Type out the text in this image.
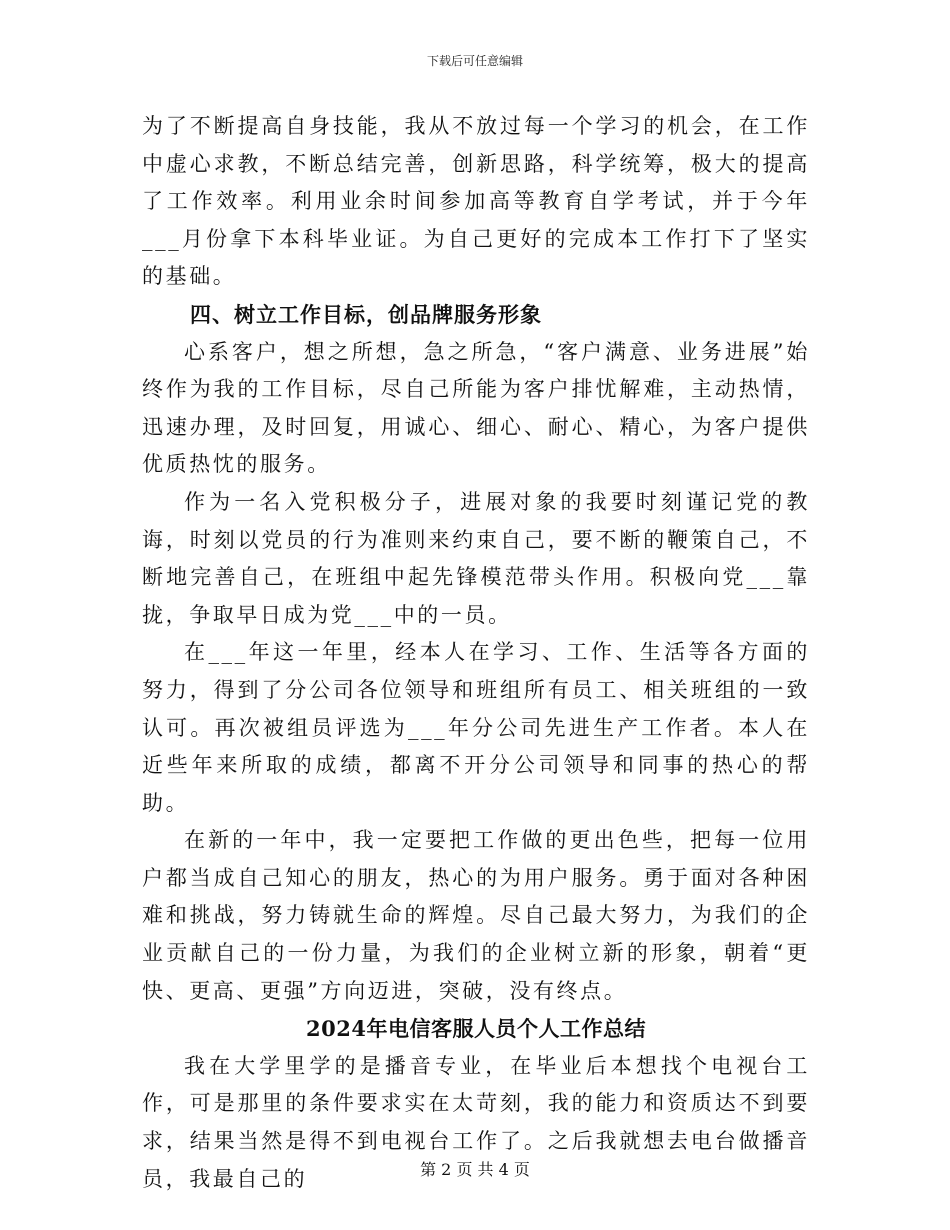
下载后可任意编辑

为了不断提高自身技能，我从不放过每一个学习的机会，在工作中虚心求教，不断总结完善，创新思路，科学统筹，极大的提高了工作效率。利用业余时间参加高等教育自学考试，并于今年___月份拿下本科毕业证。为自己更好的完成本工作打下了坚实的基础。

四、树立工作目标，创品牌服务形象

心系客户，想之所想，急之所急，“客户满意、业务进展”始终作为我的工作目标，尽自己所能为客户排忧解难，主动热情，迅速办理，及时回复，用诚心、细心、耐心、精心，为客户提供优质热忱的服务。

作为一名入党积极分子，进展对象的我要时刻谨记党的教诲，时刻以党员的行为准则来约束自己，要不断的鞭策自己，不断地完善自己，在班组中起先锋模范带头作用。积极向党___靠拢，争取早日成为党___中的一员。

在___年这一年里，经本人在学习、工作、生活等各方面的努力，得到了分公司各位领导和班组所有员工、相关班组的一致认可。再次被组员评选为___年分公司先进生产工作者。本人在近些年来所取的成绩，都离不开分公司领导和同事的热心的帮助。

在新的一年中，我一定要把工作做的更出色些，把每一位用户都当成自己知心的朋友，热心的为用户服务。勇于面对各种困难和挑战，努力铸就生命的辉煌。尽自己最大努力，为我们的企业贡献自己的一份力量，为我们的企业树立新的形象，朝着“更快、更高、更强”方向迈进，突破，没有终点。

2024年电信客服人员个人工作总结

我在大学里学的是播音专业，在毕业后本想找个电视台工作，可是那里的条件要求实在太苛刻，我的能力和资质达不到要求，结果当然是得不到电视台工作了。之后我就想去电台做播音员，我最自己的	第 2 页 共 4 页
